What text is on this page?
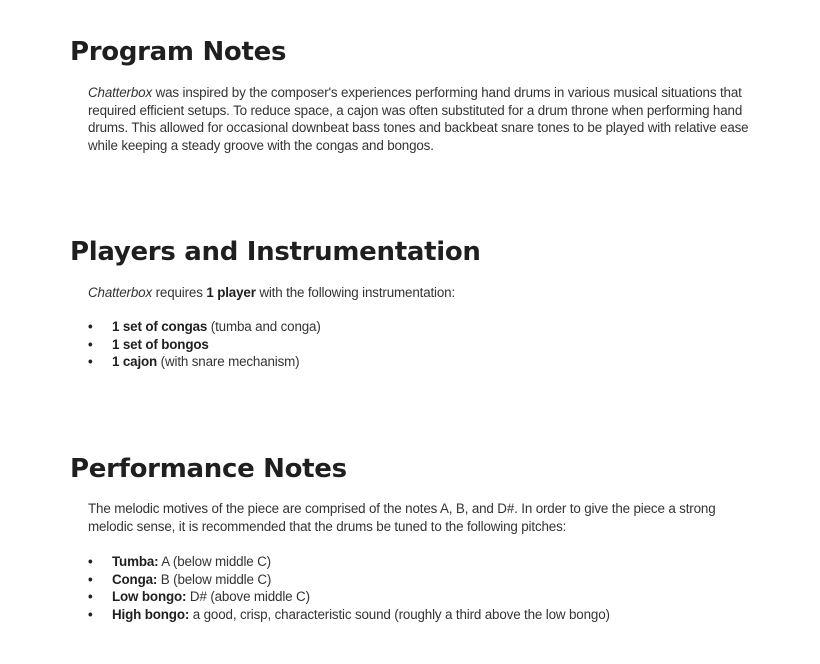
Program Notes

Chatterbox was inspired by the composer's experiences performing hand drums in various musical situations that required efficient setups. To reduce space, a cajon was often substituted for a drum throne when performing hand drums. This allowed for occasional downbeat bass tones and backbeat snare tones to be played with relative ease while keeping a steady groove with the congas and bongos.

Players and Instrumentation

Chatterbox requires 1 player with the following instrumentation:

• 1 set of congas (tumba and conga)
• 1 set of bongos
• 1 cajon (with snare mechanism)
Performance Notes

The melodic motives of the piece are comprised of the notes A, B, and D#. In order to give the piece a strong melodic sense, it is recommended that the drums be tuned to the following pitches:

• Tumba: A (below middle C)
• Conga: B (below middle C)
• Low bongo: D# (above middle C)
• High bongo: a good, crisp, characteristic sound (roughly a third above the low bongo)
